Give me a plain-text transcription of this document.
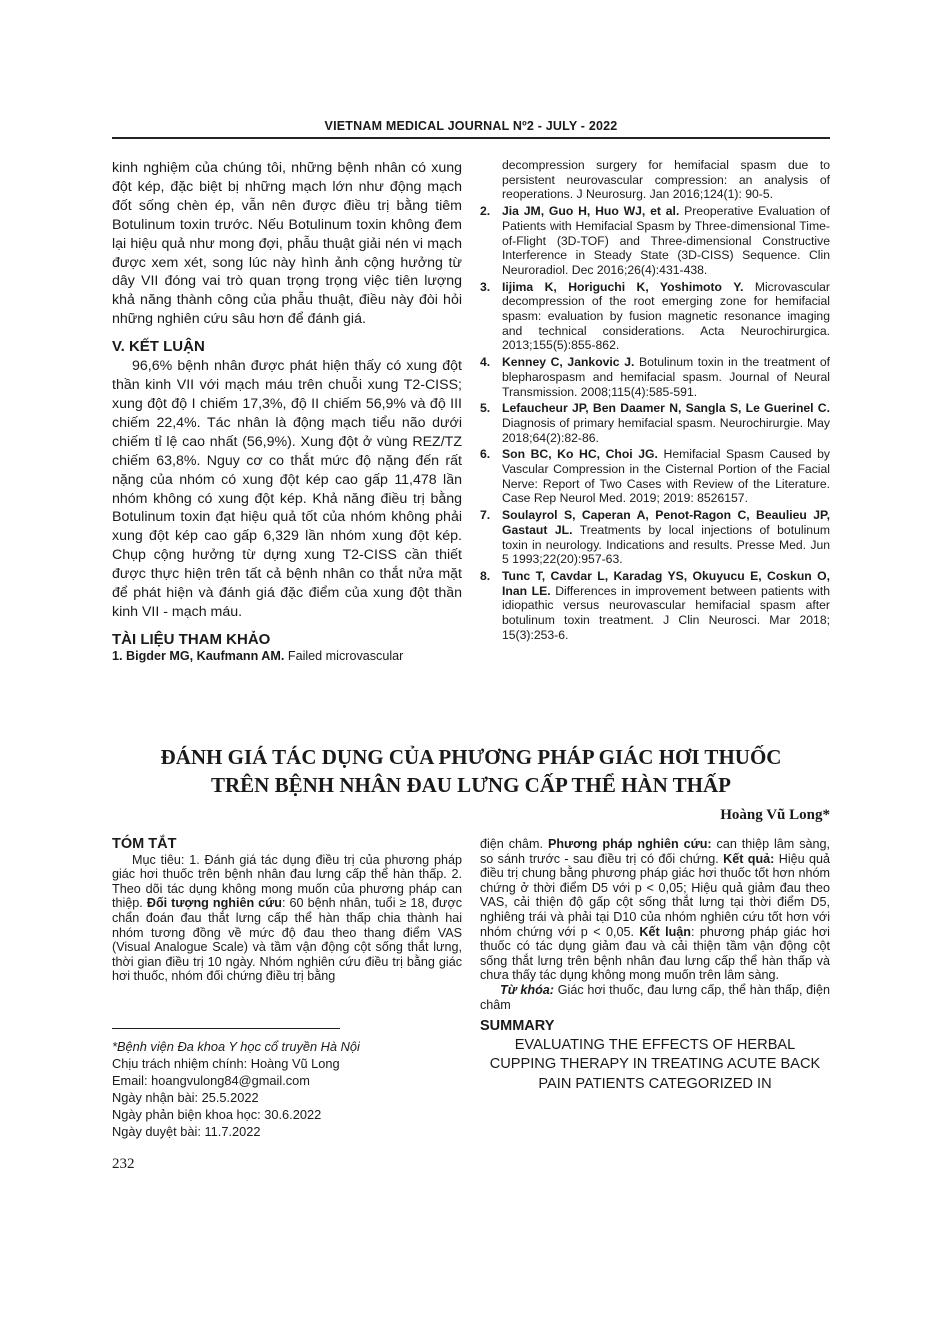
VIETNAM MEDICAL JOURNAL Nº2 - JULY - 2022

kinh nghiệm của chúng tôi, những bệnh nhân có xung đột kép, đặc biệt bị những mạch lớn như động mạch đốt sống chèn ép, vẫn nên được điều trị bằng tiêm Botulinum toxin trước. Nếu Botulinum toxin không đem lại hiệu quả như mong đợi, phẫu thuật giải nén vi mạch được xem xét, song lúc này hình ảnh cộng hưởng từ dây VII đóng vai trò quan trọng trọng việc tiên lượng khả năng thành công của phẫu thuật, điều này đòi hỏi những nghiên cứu sâu hơn để đánh giá.

V. KẾT LUẬN

96,6% bệnh nhân được phát hiện thấy có xung đột thần kinh VII với mạch máu trên chuỗi xung T2-CISS; xung đột độ I chiếm 17,3%, độ II chiếm 56,9% và độ III chiếm 22,4%. Tác nhân là động mạch tiểu não dưới chiếm tỉ lệ cao nhất (56,9%). Xung đột ở vùng REZ/TZ chiếm 63,8%. Nguy cơ co thắt mức độ nặng đến rất nặng của nhóm có xung đột kép cao gấp 11,478 lần nhóm không có xung đột kép. Khả năng điều trị bằng Botulinum toxin đạt hiệu quả tốt của nhóm không phải xung đột kép cao gấp 6,329 lần nhóm xung đột kép. Chụp cộng hưởng từ dựng xung T2-CISS cần thiết được thực hiện trên tất cả bệnh nhân co thắt nửa mặt để phát hiện và đánh giá đặc điểm của xung đột thần kinh VII - mạch máu.

TÀI LIỆU THAM KHẢO
1. Bigder MG, Kaufmann AM. Failed microvascular
decompression surgery for hemifacial spasm due to persistent neurovascular compression: an analysis of reoperations. J Neurosurg. Jan 2016;124(1): 90-5.
2. Jia JM, Guo H, Huo WJ, et al. Preoperative Evaluation of Patients with Hemifacial Spasm by Three-dimensional Time-of-Flight (3D-TOF) and Three-dimensional Constructive Interference in Steady State (3D-CISS) Sequence. Clin Neuroradiol. Dec 2016;26(4):431-438.
3. Iijima K, Horiguchi K, Yoshimoto Y. Microvascular decompression of the root emerging zone for hemifacial spasm: evaluation by fusion magnetic resonance imaging and technical considerations. Acta Neurochirurgica. 2013;155(5):855-862.
4. Kenney C, Jankovic J. Botulinum toxin in the treatment of blepharospasm and hemifacial spasm. Journal of Neural Transmission. 2008;115(4):585-591.
5. Lefaucheur JP, Ben Daamer N, Sangla S, Le Guerinel C. Diagnosis of primary hemifacial spasm. Neurochirurgie. May 2018;64(2):82-86.
6. Son BC, Ko HC, Choi JG. Hemifacial Spasm Caused by Vascular Compression in the Cisternal Portion of the Facial Nerve: Report of Two Cases with Review of the Literature. Case Rep Neurol Med. 2019; 2019: 8526157.
7. Soulayrol S, Caperan A, Penot-Ragon C, Beaulieu JP, Gastaut JL. Treatments by local injections of botulinum toxin in neurology. Indications and results. Presse Med. Jun 5 1993;22(20):957-63.
8. Tunc T, Cavdar L, Karadag YS, Okuyucu E, Coskun O, Inan LE. Differences in improvement between patients with idiopathic versus neurovascular hemifacial spasm after botulinum toxin treatment. J Clin Neurosci. Mar 2018; 15(3):253-6.
ĐÁNH GIÁ TÁC DỤNG CỦA PHƯƠNG PHÁP GIÁC HƠI THUỐC
TRÊN BỆNH NHÂN ĐAU LƯNG CẤP THỂ HÀN THẤP
Hoàng Vũ Long*
TÓM TẮT

Mục tiêu: 1. Đánh giá tác dụng điều trị của phương pháp giác hơi thuốc trên bệnh nhân đau lưng cấp thể hàn thấp. 2. Theo dõi tác dụng không mong muốn của phương pháp can thiệp. Đối tượng nghiên cứu: 60 bệnh nhân, tuổi ≥ 18, được chẩn đoán đau thắt lưng cấp thể hàn thấp chia thành hai nhóm tương đồng về mức độ đau theo thang điểm VAS (Visual Analogue Scale) và tầm vận động cột sống thắt lưng, thời gian điều trị 10 ngày. Nhóm nghiên cứu điều trị bằng giác hơi thuốc, nhóm đối chứng điều trị bằng

điện châm. Phương pháp nghiên cứu: can thiệp lâm sàng, so sánh trước - sau điều trị có đối chứng. Kết quả: Hiệu quả điều trị chung bằng phương pháp giác hơi thuốc tốt hơn nhóm chứng ở thời điểm D5 với p < 0,05; Hiệu quả giảm đau theo VAS, cải thiện độ gấp cột sống thắt lưng tại thời điểm D5, nghiêng trái và phải tại D10 của nhóm nghiên cứu tốt hơn với nhóm chứng với p < 0,05. Kết luận: phương pháp giác hơi thuốc có tác dụng giảm đau và cải thiện tầm vận động cột sống thắt lưng trên bệnh nhân đau lưng cấp thể hàn thấp và chưa thấy tác dụng không mong muốn trên lâm sàng.

Từ khóa: Giác hơi thuốc, đau lưng cấp, thể hàn thấp, điện châm

SUMMARY
EVALUATING THE EFFECTS OF HERBAL CUPPING THERAPY IN TREATING ACUTE BACK PAIN PATIENTS CATEGORIZED IN
*Bệnh viện Đa khoa Y học cổ truyền Hà Nội
Chịu trách nhiệm chính: Hoàng Vũ Long
Email: hoangvulong84@gmail.com
Ngày nhận bài: 25.5.2022
Ngày phản biện khoa học: 30.6.2022
Ngày duyệt bài: 11.7.2022
232
